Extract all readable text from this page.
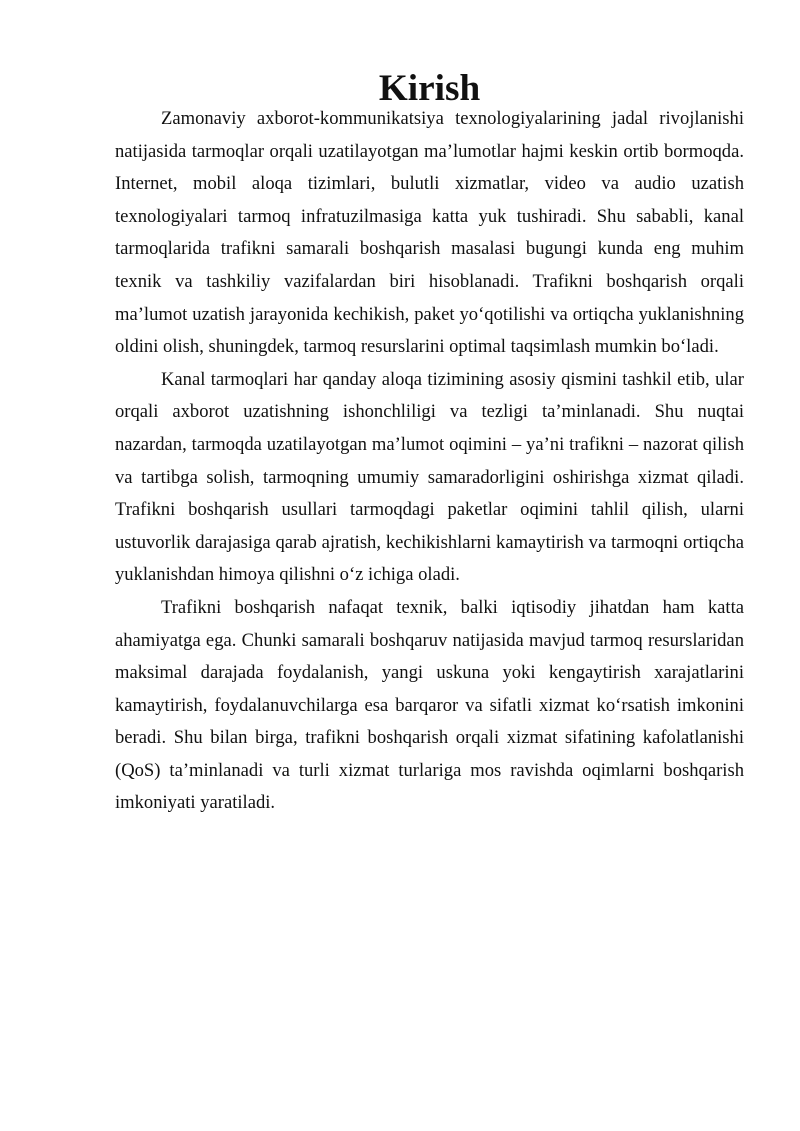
Kirish

Zamonaviy axborot-kommunikatsiya texnologiyalarining jadal rivojlanishi natijasida tarmoqlar orqali uzatilayotgan ma’lumotlar hajmi keskin ortib bormoqda. Internet, mobil aloqa tizimlari, bulutli xizmatlar, video va audio uzatish texnologiyalari tarmoq infratuzilmasiga katta yuk tushiradi. Shu sababli, kanal tarmoqlarida trafikni samarali boshqarish masalasi bugungi kunda eng muhim texnik va tashkiliy vazifalardan biri hisoblanadi. Trafikni boshqarish orqali ma’lumot uzatish jarayonida kechikish, paket yo‘qotilishi va ortiqcha yuklanishning oldini olish, shuningdek, tarmoq resurslarini optimal taqsimlash mumkin bo‘ladi.

Kanal tarmoqlari har qanday aloqa tizimining asosiy qismini tashkil etib, ular orqali axborot uzatishning ishonchliligi va tezligi ta’minlanadi. Shu nuqtai nazardan, tarmoqda uzatilayotgan ma’lumot oqimini – ya’ni trafikni – nazorat qilish va tartibga solish, tarmoqning umumiy samaradorligini oshirishga xizmat qiladi. Trafikni boshqarish usullari tarmoqdagi paketlar oqimini tahlil qilish, ularni ustuvorlik darajasiga qarab ajratish, kechikishlarni kamaytirish va tarmoqni ortiqcha yuklanishdan himoya qilishni o‘z ichiga oladi.

Trafikni boshqarish nafaqat texnik, balki iqtisodiy jihatdan ham katta ahamiyatga ega. Chunki samarali boshqaruv natijasida mavjud tarmoq resurslaridan maksimal darajada foydalanish, yangi uskuna yoki kengaytirish xarajatlarini kamaytirish, foydalanuvchilarga esa barqaror va sifatli xizmat ko‘rsatish imkonini beradi. Shu bilan birga, trafikni boshqarish orqali xizmat sifatining kafolatlanishi (QoS) ta’minlanadi va turli xizmat turlariga mos ravishda oqimlarni boshqarish imkoniyati yaratiladi.
